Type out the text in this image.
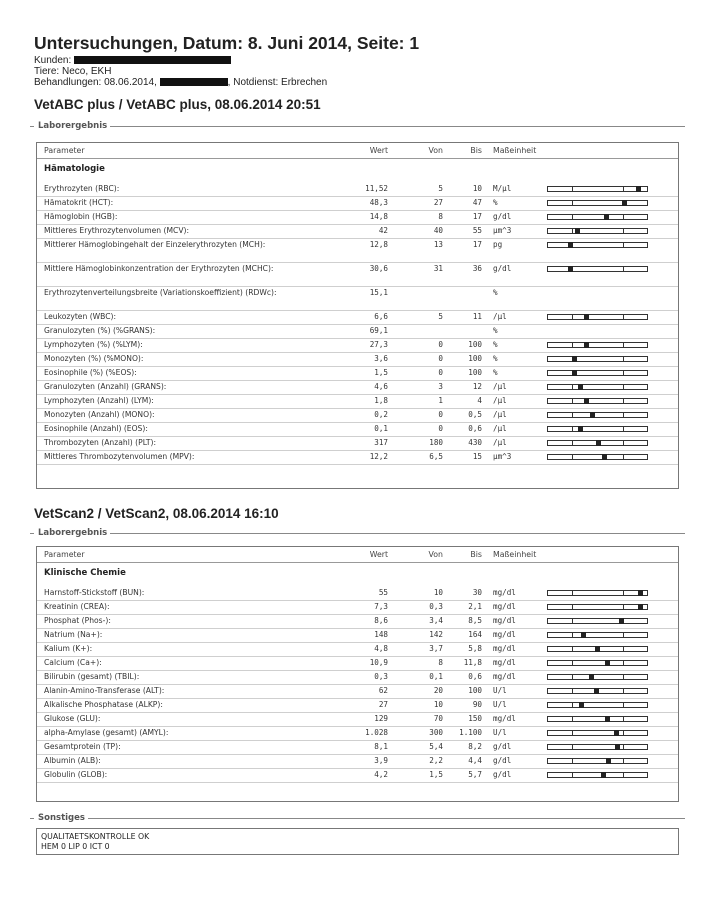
Untersuchungen, Datum: 8. Juni 2014, Seite: 1
Kunden:
Tiere: Neco, EKH
Behandlungen: 08.06.2014,	, Notdienst: Erbrechen
VetABC plus / VetABC plus, 08.06.2014 20:51
Laborergebnis
Parameter	Wert	Von	Bis Maßeinheit
Hämatologie
Erythrozyten (RBC):	11,52	5	10 M/µl
Hämatokrit (HCT):	48,3	27	47 %
Hämoglobin (HGB):	14,8	8	17 g/dl
Mittleres Erythrozytenvolumen (MCV):	42	40	55 µm^3
Mittlerer Hämoglobingehalt der Einzelerythrozyten (MCH):	12,8	13	17 pg
Mittlere Hämoglobinkonzentration der Erythrozyten (MCHC):	30,6	31	36 g/dl
Erythrozytenverteilungsbreite (Variationskoeffizient) (RDWc):	15,1	%
Leukozyten (WBC):	6,6	5	11 /µl
Granulozyten (%) (%GRANS):	69,1	%
Lymphozyten (%) (%LYM):	27,3	0	100 %
Monozyten (%) (%MONO):	3,6	0	100 %
Eosinophile (%) (%EOS):	1,5	0	100 %
Granulozyten (Anzahl) (GRANS):	4,6	3	12 /µl
Lymphozyten (Anzahl) (LYM):	1,8	1	4 /µl
Monozyten (Anzahl) (MONO):	0,2	0	0,5 /µl
Eosinophile (Anzahl) (EOS):	0,1	0	0,6 /µl
Thrombozyten (Anzahl) (PLT):	317	180	430 /µl
Mittleres Thrombozytenvolumen (MPV):	12,2	6,5	15 µm^3
VetScan2 / VetScan2, 08.06.2014 16:10
Laborergebnis
Parameter	Wert	Von	Bis Maßeinheit
Klinische Chemie
Harnstoff-Stickstoff (BUN):	55	10	30 mg/dl
Kreatinin (CREA):	7,3	0,3	2,1 mg/dl
Phosphat (Phos-):	8,6	3,4	8,5 mg/dl
Natrium (Na+):	148	142	164 mg/dl
Kalium (K+):	4,8	3,7	5,8 mg/dl
Calcium (Ca+):	10,9	8	11,8 mg/dl
Bilirubin (gesamt) (TBIL):	0,3	0,1	0,6 mg/dl
Alanin-Amino-Transferase (ALT):	62	20	100 U/l
Alkalische Phosphatase (ALKP):	27	10	90 U/l
Glukose (GLU):	129	70	150 mg/dl
alpha-Amylase (gesamt) (AMYL):	1.028	300 1.100 U/l
Gesamtprotein (TP):	8,1	5,4	8,2 g/dl
Albumin (ALB):	3,9	2,2	4,4 g/dl
Globulin (GLOB):	4,2	1,5	5,7 g/dl
Sonstiges
QUALITAETSKONTROLLE OK
HEM 0 LIP 0 ICT 0
